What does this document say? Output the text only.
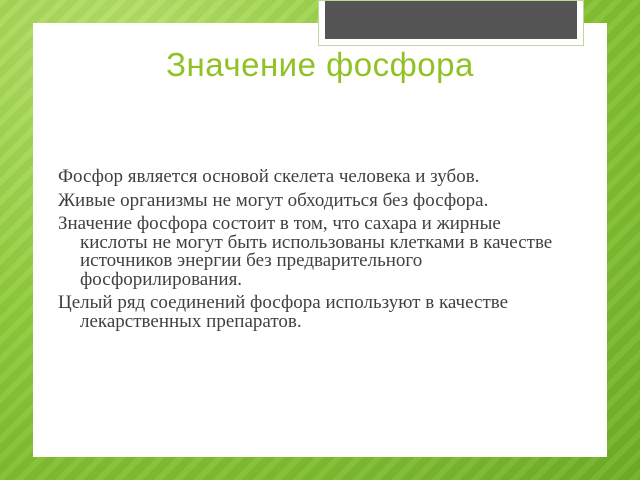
Значение фосфора

Фосфор является основой скелета человека и зубов.

Живые организмы не могут обходиться без фосфора.

Значение фосфора состоит в том, что сахара и жирные кислоты не могут быть использованы клетками в качестве источников энергии без предварительного фосфорилирования.

Целый ряд соединений фосфора используют в качестве лекарственных препаратов.
